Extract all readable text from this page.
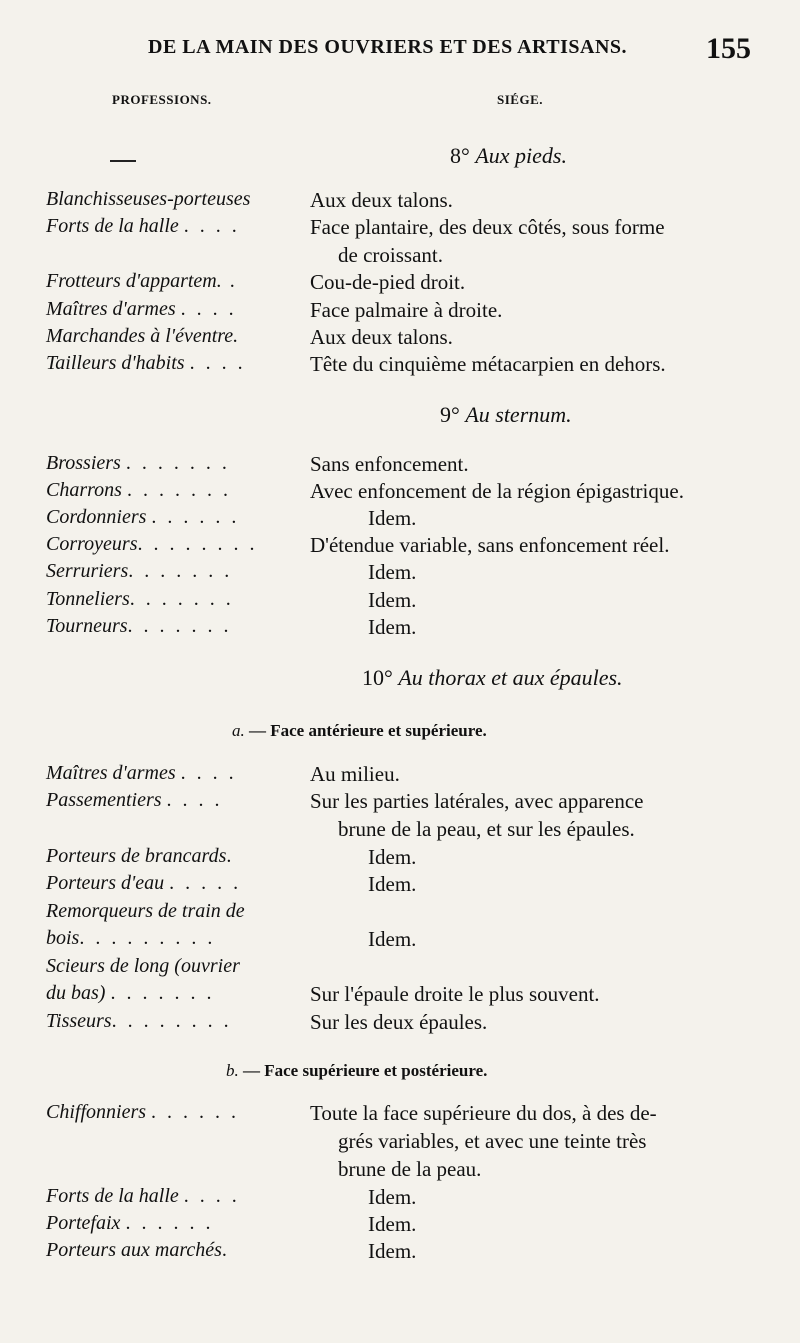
DE LA MAIN DES OUVRIERS ET DES ARTISANS.	155
PROFESSIONS.	SIÉGE.
8° Aux pieds.
Blanchisseuses-porteuses	Aux deux talons.
Forts de la halle . . . .	Face plantaire, des deux côtés, sous forme
de croissant.
Frotteurs d'appartem. .	Cou-de-pied droit.
Maîtres d'armes . . . .	Face palmaire à droite.
Marchandes à l'éventre.	Aux deux talons.
Tailleurs d'habits . . . .	Tête du cinquième métacarpien en dehors.
9° Au sternum.
Brossiers . . . . . . .	Sans enfoncement.
Charrons . . . . . . .	Avec enfoncement de la région épigastrique.
Cordonniers . . . . . .	Idem.
Corroyeurs. . . . . . . .	D'étendue variable, sans enfoncement réel.
Serruriers. . . . . . .	Idem.
Tonneliers. . . . . . .	Idem.
Tourneurs. . . . . . .	Idem.
10° Au thorax et aux épaules.
a. — Face antérieure et supérieure.
Maîtres d'armes . . . .	Au milieu.
Passementiers . . . .	Sur les parties latérales, avec apparence
brune de la peau, et sur les épaules.
Porteurs de brancards.	Idem.
Porteurs d'eau . . . . .	Idem.
Remorqueurs de train de
bois. . . . . . . . .	Idem.
Scieurs de long (ouvrier
du bas) . . . . . . .	Sur l'épaule droite le plus souvent.
Tisseurs. . . . . . . .	Sur les deux épaules.
b. — Face supérieure et postérieure.
Chiffonniers . . . . . .	Toute la face supérieure du dos, à des de-
grés variables, et avec une teinte très
brune de la peau.
Forts de la halle . . . .	Idem.
Portefaix . . . . . .	Idem.
Porteurs aux marchés.	Idem.
